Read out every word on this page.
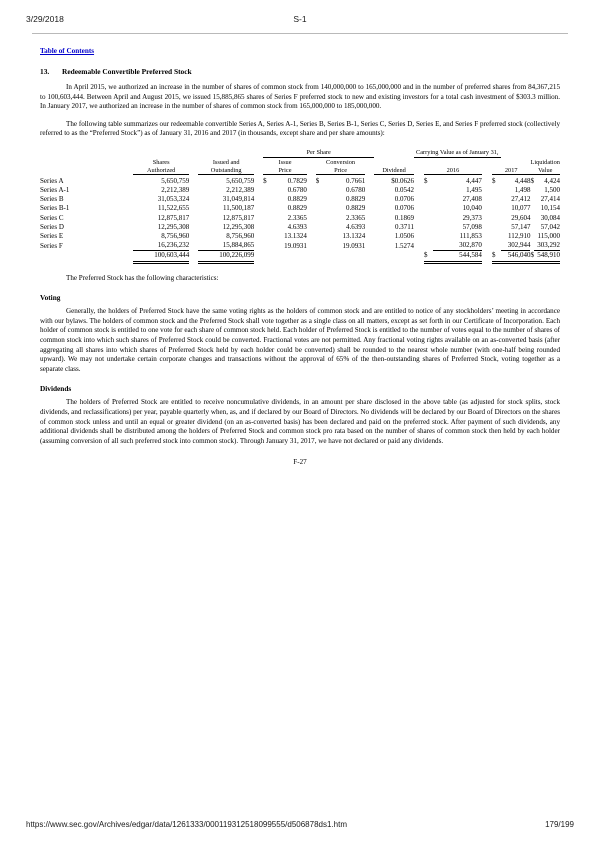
3/29/2018	S-1
Table of Contents
13. Redeemable Convertible Preferred Stock

In April 2015, we authorized an increase in the number of shares of common stock from 140,000,000 to 165,000,000 and in the number of preferred shares from 84,367,215 to 100,603,444. Between April and August 2015, we issued 15,885,865 shares of Series F preferred stock to new and existing investors for a total cash investment of $303.3 million. In January 2017, we authorized an increase in the number of shares of common stock from 165,000,000 to 185,000,000.

The following table summarizes our redeemable convertible Series A, Series A-1, Series B, Series B-1, Series C, Series D, Series E, and Series F preferred stock (collectively referred to as the “Preferred Stock”) as of January 31, 2016 and 2017 (in thousands, except share and per share amounts):

						Per Share							Carrying Value as of January 31,							

		Shares		Issued and		Issue			Conversion										Liquidation	
		Authorized		Outstanding		Price			Price			Dividend		2016			2017		Value	

Series A		5,650,759		5,650,759		$	0.7829		$	0.7661		$0.0626		$	4,447		$	4,448		$	4,424
Series A-1		2,212,389		2,212,389			0.6780			0.6780		0.0542			1,495			1,498			1,500
Series B		31,053,324		31,049,814			0.8829			0.8829		0.0706			27,408			27,412			27,414
Series B-1		11,522,655		11,500,187			0.8829			0.8829		0.0706			10,040			10,077			10,154
Series C		12,875,817		12,875,817			2.3365			2.3365		0.1869			29,373			29,604			30,084
Series D		12,295,308		12,295,308			4.6393			4.6393		0.3711			57,098			57,147			57,042
Series E		8,756,960		8,756,960			13.1324			13.1324		1.0506			111,853			112,910			115,000
Series F		16,236,232		15,884,865			19.0931			19.0931		1.5274			302,870			302,944			303,292
		100,603,444		100,226,099										$	544,584		$	546,040		$	548,910

The Preferred Stock has the following characteristics:

Voting

Generally, the holders of Preferred Stock have the same voting rights as the holders of common stock and are entitled to notice of any stockholders’ meeting in accordance with our bylaws. The holders of common stock and the Preferred Stock shall vote together as a single class on all matters, except as set forth in our Certificate of Incorporation. Each holder of common stock is entitled to one vote for each share of common stock held. Each holder of Preferred Stock is entitled to the number of votes equal to the number of shares of common stock into which such shares of Preferred Stock could be converted. Fractional votes are not permitted. Any fractional voting rights available on an as-converted basis (after aggregating all shares into which shares of Preferred Stock held by each holder could be converted) shall be rounded to the nearest whole number (with one-half being rounded upward). We may not undertake certain corporate changes and transactions without the approval of 65% of the then-outstanding shares of Preferred Stock, voting together as a separate class.

Dividends

The holders of Preferred Stock are entitled to receive noncumulative dividends, in an amount per share disclosed in the above table (as adjusted for stock splits, stock dividends, and reclassifications) per year, payable quarterly when, as, and if declared by our Board of Directors. No dividends will be declared by our Board of Directors on the shares of common stock unless and until an equal or greater dividend (on an as-converted basis) has been declared and paid on the preferred stock. After payment of such dividends, any additional dividends shall be distributed among the holders of Preferred Stock and common stock pro rata based on the number of shares of common stock then held by each holder (assuming conversion of all such preferred stock into common stock). Through January 31, 2017, we have not declared or paid any dividends.

F-27
https://www.sec.gov/Archives/edgar/data/1261333/000119312518099555/d506878ds1.htm	179/199
